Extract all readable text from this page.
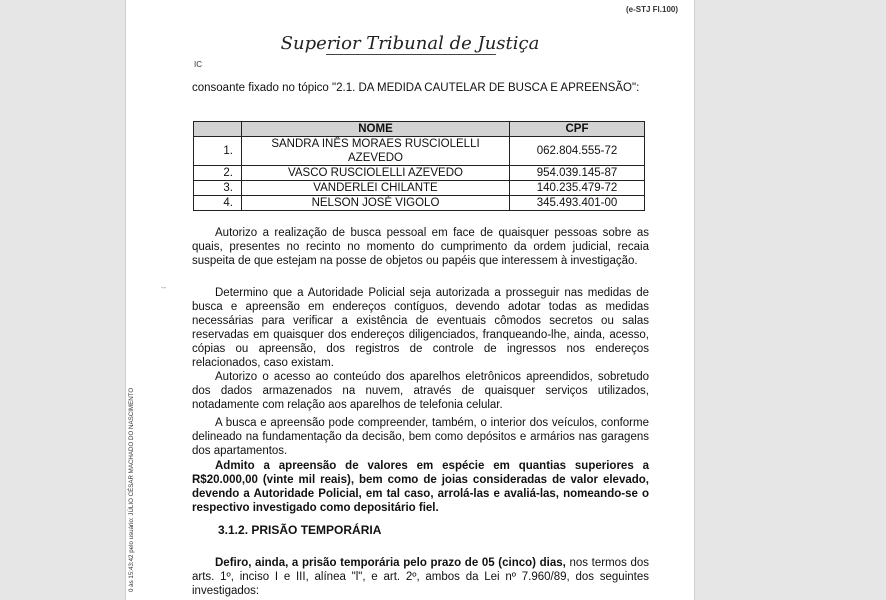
(e-STJ Fl.100)
Superior Tribunal de Justiça
IC
--

consoante fixado no tópico "2.1. DA MEDIDA CAUTELAR DE BUSCA E APREENSÃO":

	NOME	CPF
1.	SANDRA INÊS MORAES RUSCIOLELLI AZEVEDO	062.804.555-72
2.	VASCO RUSCIOLELLI AZEVEDO	954.039.145-87
3.	VANDERLEI CHILANTE	140.235.479-72
4.	NELSON JOSÉ VIGOLO	345.493.401-00

Autorizo a realização de busca pessoal em face de quaisquer pessoas sobre as quais, presentes no recinto no momento do cumprimento da ordem judicial, recaia suspeita de que estejam na posse de objetos ou papéis que interessem à investigação.

Determino que a Autoridade Policial seja autorizada a prosseguir nas medidas de busca e apreensão em endereços contíguos, devendo adotar todas as medidas necessárias para verificar a existência de eventuais cômodos secretos ou salas reservadas em quaisquer dos endereços diligenciados, franqueando-lhe, ainda, acesso, cópias ou apreensão, dos registros de controle de ingressos nos endereços relacionados, caso existam.

Autorizo o acesso ao conteúdo dos aparelhos eletrônicos apreendidos, sobretudo dos dados armazenados na nuvem, através de quaisquer serviços utilizados, notadamente com relação aos aparelhos de telefonia celular.

A busca e apreensão pode compreender, também, o interior dos veículos, conforme delineado na fundamentação da decisão, bem como depósitos e armários nas garagens dos apartamentos.

Admito a apreensão de valores em espécie em quantias superiores a R$20.000,00 (vinte mil reais), bem como de joias consideradas de valor elevado, devendo a Autoridade Policial, em tal caso, arrolá-las e avaliá-las, nomeando-se o respectivo investigado como depositário fiel.

3.1.2. PRISÃO TEMPORÁRIA

Defiro, ainda, a prisão temporária pelo prazo de 05 (cinco) dias, nos termos dos arts. 1º, inciso I e III, alínea "l", e art. 2º, ambos da Lei nº 7.960/89, dos seguintes investigados:

0 às 15:43:42 pelo usuário: JÚLIO CÉSAR MACHADO DO NASCIMENTO
